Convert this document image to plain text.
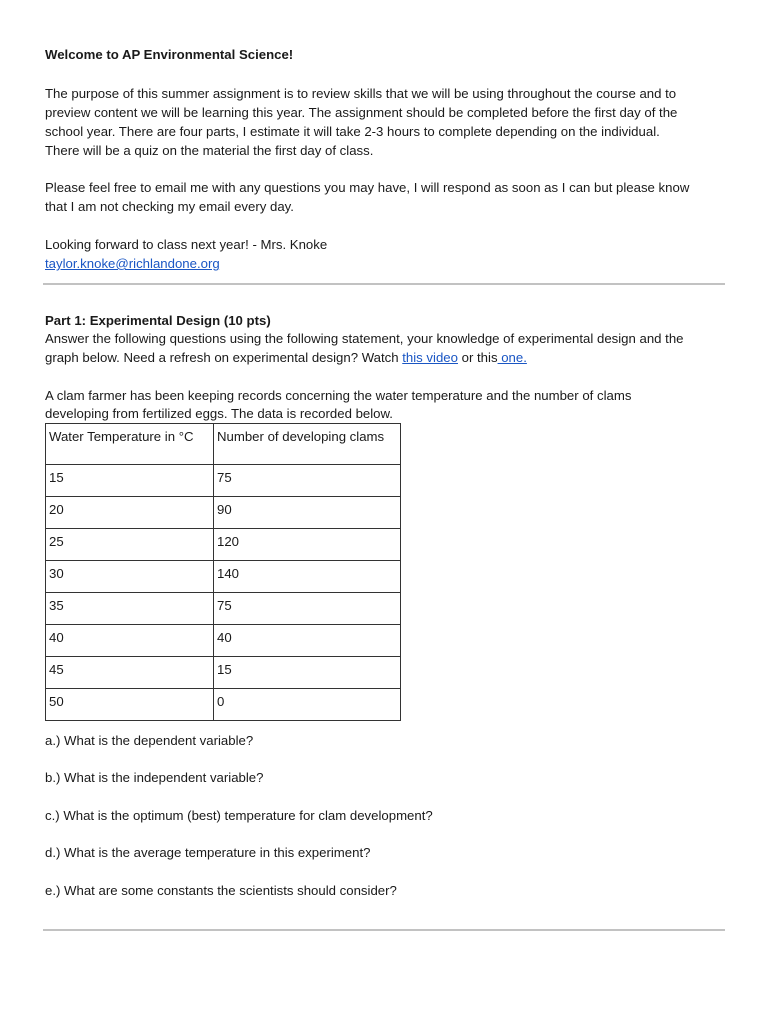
Welcome to AP Environmental Science!
The purpose of this summer assignment is to review skills that we will be using throughout the course and to
preview content we will be learning this year. The assignment should be completed before the first day of the
school year. There are four parts, I estimate it will take 2-3 hours to complete depending on the individual.
There will be a quiz on the material the first day of class.
Please feel free to email me with any questions you may have, I will respond as soon as I can but please know
that I am not checking my email every day.
Looking forward to class next year! - Mrs. Knoke
taylor.knoke@richlandone.org
Part 1: Experimental Design (10 pts)
Answer the following questions using the following statement, your knowledge of experimental design and the
graph below. Need a refresh on experimental design? Watch this video or this one.
A clam farmer has been keeping records concerning the water temperature and the number of clams
developing from fertilized eggs. The data is recorded below.
Water Temperature in °C	Number of developing clams
15	75
20	90
25	120
30	140
35	75
40	40
45	15
50	0
a.) What is the dependent variable?
b.) What is the independent variable?
c.) What is the optimum (best) temperature for clam development?
d.) What is the average temperature in this experiment?
e.) What are some constants the scientists should consider?
